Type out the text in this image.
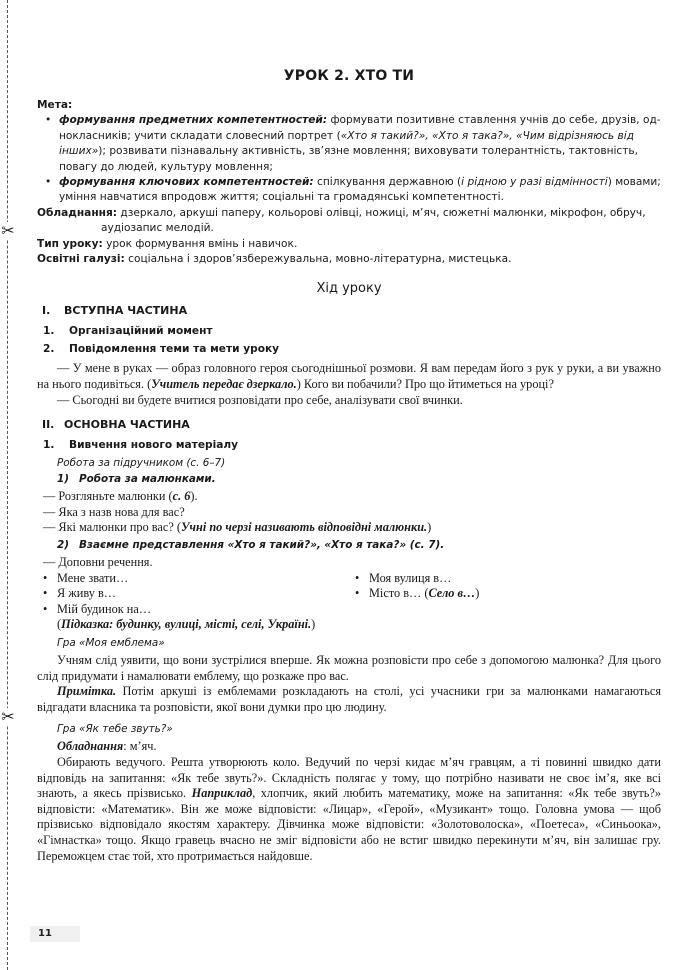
✂
✂
УРОК 2. ХТО ТИ
Мета:

• формування предметних компетентностей: формувати позитивне ставлення учнів до себе, друзів, однокласників; учити складати словесний портрет («Хто я такий?», «Хто я така?», «Чим відрізняюсь від інших»); розвивати пізнавальну активність, зв’язне мовлення; виховувати толерантність, тактовність, повагу до людей, культуру мовлення;

• формування ключових компетентностей: спілкування державною (і рідною у разі відмінності) мовами; уміння навчатися впродовж життя; соціальні та громадянські компетентності.

Обладнання: дзеркало, аркуші паперу, кольорові олівці, ножиці, м’яч, сюжетні малюнки, мікрофон, обруч, аудіозапис мелодій.
Тип уроку: урок формування вмінь і навичок.
Освітні галузі: соціальна і здоров’язбережувальна, мовно-літературна, мистецька.
Хід уроку
I. ВСТУПНА ЧАСТИНА
1. Організаційний момент
2. Повідомлення теми та мети уроку

— У мене в руках — образ головного героя сьогоднішньої розмови. Я вам передам його з рук у руки, а ви уважно на нього подивіться. (Учитель передає дзеркало.) Кого ви побачили? Про що йтиметься на уроці?

— Сьогодні ви будете вчитися розповідати про себе, аналізувати свої вчинки.

II. ОСНОВНА ЧАСТИНА
1. Вивчення нового матеріалу
Робота за підручником (с. 6–7)
1) Робота за малюнками.

— Розгляньте малюнки (с. 6).

— Яка з назв нова для вас?

— Які малюнки про вас? (Учні по черзі називають відповідні малюнки.)

2) Взаємне представлення «Хто я такий?», «Хто я така?» (с. 7).

— Доповни речення.

• Мене звати…
• Я живу в…
• Мій будинок на…
• Моя вулиця в…
• Місто в… (Село в…)

(Підказка: будинку, вулиці, місті, селі, Україні.)

Гра «Моя емблема»

Учням слід уявити, що вони зустрілися вперше. Як можна розповісти про себе з допомогою малюнка? Для цього слід придумати і намалювати емблему, що розкаже про вас.

Примітка. Потім аркуші із емблемами розкладають на столі, усі учасники гри за малюнками намагаються відгадати власника та розповісти, якої вони думки про цю людину.

Гра «Як тебе звуть?»

Обладнання: м’яч.

Обирають ведучого. Решта утворюють коло. Ведучий по черзі кидає м’яч гравцям, а ті повинні швидко дати відповідь на запитання: «Як тебе звуть?». Складність полягає у тому, що потрібно називати не своє ім’я, яке всі знають, а якесь прізвисько. Наприклад, хлопчик, який любить математику, може на запитання: «Як тебе звуть?» відповісти: «Математик». Він же може відповісти: «Лицар», «Герой», «Музикант» тощо. Головна умова — щоб прізвисько відповідало якостям характеру. Дівчинка може відповісти: «Золотоволоска», «Поетеса», «Синьоока», «Гімнастка» тощо. Якщо гравець вчасно не зміг відповісти або не встиг швидко перекинути м’яч, він залишає гру. Переможцем стає той, хто протримається найдовше.

11
